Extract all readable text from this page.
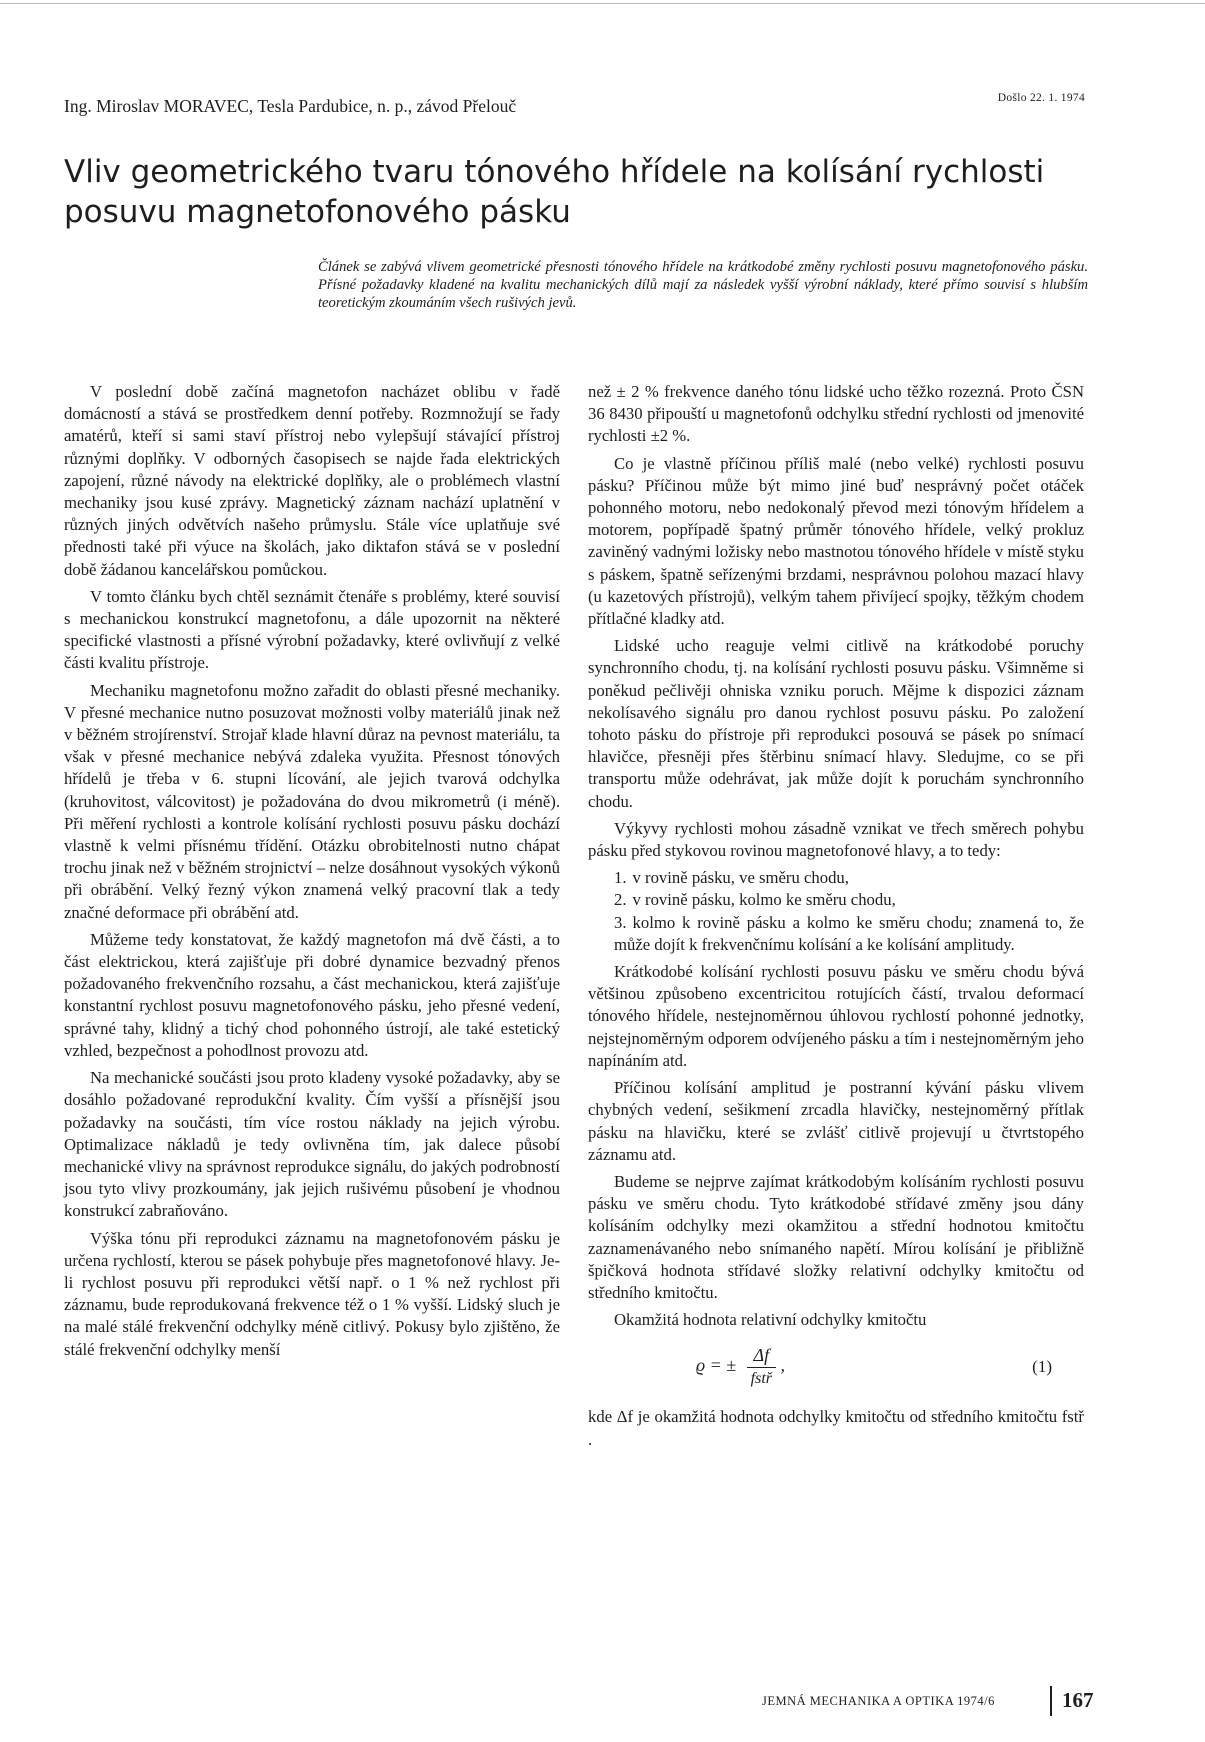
Ing. Miroslav MORAVEC, Tesla Pardubice, n. p., závod Přelouč	Došlo 22. 1. 1974
Vliv geometrického tvaru tónového hřídele na kolísání rychlosti posuvu magnetofonového pásku

Článek se zabývá vlivem geometrické přesnosti tónového hřídele na krátkodobé změny rychlosti posuvu magnetofonového pásku. Přísné požadavky kladené na kvalitu mechanických dílů mají za následek vyšší výrobní náklady, které přímo souvisí s hlubším teoretickým zkoumáním všech rušivých jevů.

V poslední době začíná magnetofon nacházet oblibu v řadě domácností a stává se prostředkem denní potřeby. Rozmnožují se řady amatérů, kteří si sami staví přístroj nebo vylepšují stávající přístroj různými doplňky. V odborných časopisech se najde řada elektrických zapojení, různé návody na elektrické doplňky, ale o problémech vlastní mechaniky jsou kusé zprávy. Magnetický záznam nachází uplatnění v různých jiných odvětvích našeho průmyslu. Stále více uplatňuje své přednosti také při výuce na školách, jako diktafon stává se v poslední době žádanou kancelářskou pomůckou.

V tomto článku bych chtěl seznámit čtenáře s problémy, které souvisí s mechanickou konstrukcí magnetofonu, a dále upozornit na některé specifické vlastnosti a přísné výrobní požadavky, které ovlivňují z velké části kvalitu přístroje.

Mechaniku magnetofonu možno zařadit do oblasti přesné mechaniky. V přesné mechanice nutno posuzovat možnosti volby materiálů jinak než v běžném strojírenství. Strojař klade hlavní důraz na pevnost materiálu, ta však v přesné mechanice nebývá zdaleka využita. Přesnost tónových hřídelů je třeba v 6. stupni lícování, ale jejich tvarová odchylka (kruhovitost, válcovitost) je požadována do dvou mikrometrů (i méně). Při měření rychlosti a kontrole kolísání rychlosti posuvu pásku dochází vlastně k velmi přísnému třídění. Otázku obrobitelnosti nutno chápat trochu jinak než v běžném strojnictví – nelze dosáhnout vysokých výkonů při obrábění. Velký řezný výkon znamená velký pracovní tlak a tedy značné deformace při obrábění atd.

Můžeme tedy konstatovat, že každý magnetofon má dvě části, a to část elektrickou, která zajišťuje při dobré dynamice bezvadný přenos požadovaného frekvenčního rozsahu, a část mechanickou, která zajišťuje konstantní rychlost posuvu magnetofonového pásku, jeho přesné vedení, správné tahy, klidný a tichý chod pohonného ústrojí, ale také estetický vzhled, bezpečnost a pohodlnost provozu atd.

Na mechanické součásti jsou proto kladeny vysoké požadavky, aby se dosáhlo požadované reprodukční kvality. Čím vyšší a přísnější jsou požadavky na součásti, tím více rostou náklady na jejich výrobu. Optimalizace nákladů je tedy ovlivněna tím, jak dalece působí mechanické vlivy na správnost reprodukce signálu, do jakých podrobností jsou tyto vlivy prozkoumány, jak jejich rušivému působení je vhodnou konstrukcí zabraňováno.

Výška tónu při reprodukci záznamu na magnetofonovém pásku je určena rychlostí, kterou se pásek pohybuje přes magnetofonové hlavy. Je-li rychlost posuvu při reprodukci větší např. o 1 % než rychlost při záznamu, bude reprodukovaná frekvence též o 1 % vyšší. Lidský sluch je na malé stálé frekvenční odchylky méně citlivý. Pokusy bylo zjištěno, že stálé frekvenční odchylky menší

než ± 2 % frekvence daného tónu lidské ucho těžko rozezná. Proto ČSN 36 8430 připouští u magnetofonů odchylku střední rychlosti od jmenovité rychlosti ±2 %.

Co je vlastně příčinou příliš malé (nebo velké) rychlosti posuvu pásku? Příčinou může být mimo jiné buď nesprávný počet otáček pohonného motoru, nebo nedokonalý převod mezi tónovým hřídelem a motorem, popřípadě špatný průměr tónového hřídele, velký prokluz zaviněný vadnými ložisky nebo mastnotou tónového hřídele v místě styku s páskem, špatně seřízenými brzdami, nesprávnou polohou mazací hlavy (u kazetových přístrojů), velkým tahem přivíjecí spojky, těžkým chodem přítlačné kladky atd.

Lidské ucho reaguje velmi citlivě na krátkodobé poruchy synchronního chodu, tj. na kolísání rychlosti posuvu pásku. Všimněme si poněkud pečlivěji ohniska vzniku poruch. Mějme k dispozici záznam nekolísavého signálu pro danou rychlost posuvu pásku. Po založení tohoto pásku do přístroje při reprodukci posouvá se pásek po snímací hlavičce, přesněji přes štěrbinu snímací hlavy. Sledujme, co se při transportu může odehrávat, jak může dojít k poruchám synchronního chodu.

Výkyvy rychlosti mohou zásadně vznikat ve třech směrech pohybu pásku před stykovou rovinou magnetofonové hlavy, a to tedy:

1. v rovině pásku, ve směru chodu,
2. v rovině pásku, kolmo ke směru chodu,
3. kolmo k rovině pásku a kolmo ke směru chodu; znamená to, že může dojít k frekvenčnímu kolísání a ke kolísání amplitudy.

Krátkodobé kolísání rychlosti posuvu pásku ve směru chodu bývá většinou způsobeno excentricitou rotujících částí, trvalou deformací tónového hřídele, nestejnoměrnou úhlovou rychlostí pohonné jednotky, nejstejnoměrným odporem odvíjeného pásku a tím i nestejnoměrným jeho napínáním atd.

Příčinou kolísání amplitud je postranní kývání pásku vlivem chybných vedení, sešikmení zrcadla hlavičky, nestejnoměrný přítlak pásku na hlavičku, které se zvlášť citlivě projevují u čtvrtstopého záznamu atd.

Budeme se nejprve zajímat krátkodobým kolísáním rychlosti posuvu pásku ve směru chodu. Tyto krátkodobé střídavé změny jsou dány kolísáním odchylky mezi okamžitou a střední hodnotou kmitočtu zaznamenávaného nebo snímaného napětí. Mírou kolísání je přibližně špičková hodnota střídavé složky relativní odchylky kmitočtu od středního kmitočtu.

Okamžitá hodnota relativní odchylky kmitočtu

ϱ = ± $\frac{\Delta f}{\text{fstř}}$ ,	(1)

kde Δf je okamžitá hodnota odchylky kmitočtu od středního kmitočtu fstř .

JEMNÁ MECHANIKA A OPTIKA 1974/6	167
